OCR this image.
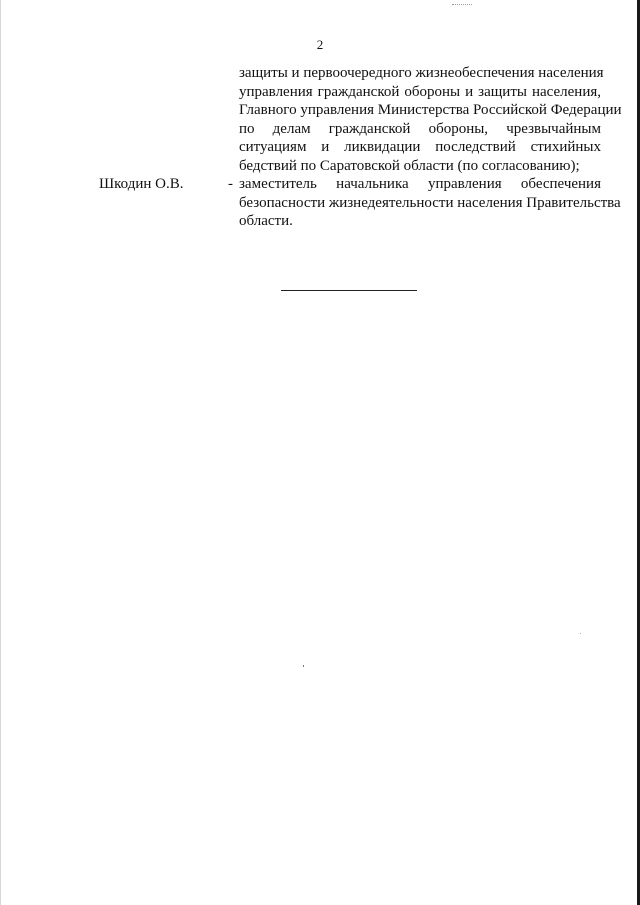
2
защиты и первоочередного жизнеобеспечения населения
управления гражданской обороны и защиты населения,
Главного управления Министерства Российской Федерации
по делам гражданской обороны, чрезвычайным
ситуациям и ликвидации последствий стихийных
бедствий по Саратовской области (по согласованию);
Шкодин О.В.	- заместитель начальника управления обеспечения
безопасности жизнедеятельности населения Правительства
области.
